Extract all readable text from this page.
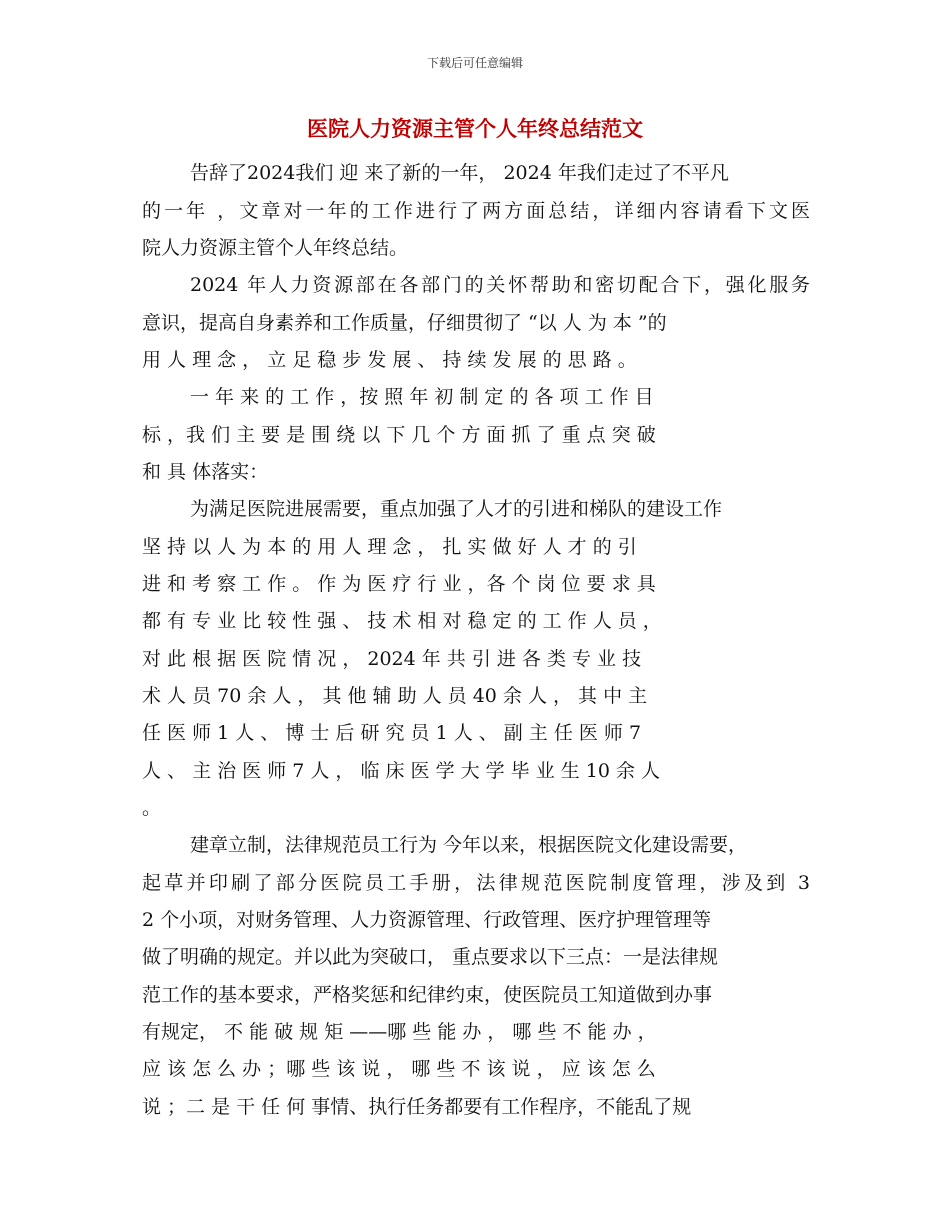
下载后可任意编辑
医院人力资源主管个人年终总结范文
告辞了2024我们 迎 来了新的一年， 2024 年我们走过了不平凡
的一年 ，文章对一年的工作进行了两方面总结，详细内容请看下文医
院人力资源主管个人年终总结。
2024 年人力资源部在各部门的关怀帮助和密切配合下，强化服务
意识，提高自身素养和工作质量，仔细贯彻了 “以 人 为 本 ”的
用 人 理 念 ， 立 足 稳 步 发 展 、 持 续 发 展 的 思 路 。
一 年 来 的 工 作 ，按 照 年 初 制 定 的 各 项 工 作 目
标 ，我 们 主 要 是 围 绕 以 下 几 个 方 面 抓 了 重 点 突 破
和 具 体落实：
为满足医院进展需要，重点加强了人才的引进和梯队的建设工作
坚 持 以 人 为 本 的 用 人 理 念 ， 扎 实 做 好 人 才 的 引
进 和 考 察 工 作 。 作 为 医 疗 行 业 ，各 个 岗 位 要 求 具
都 有 专 业 比 较 性 强 、 技 术 相 对 稳 定 的 工 作 人 员 ，
对 此 根 据 医 院 情 况 ， 2024 年 共 引 进 各 类 专 业 技
术 人 员 70 余 人 ， 其 他 辅 助 人 员 40 余 人 ， 其 中 主
任 医 师 1 人 、 博 士 后 研 究 员 1 人 、 副 主 任 医 师 7
人 、 主 治 医 师 7 人 ， 临 床 医 学 大 学 毕 业 生 10 余 人
。
建章立制，法律规范员工行为 今年以来，根据医院文化建设需要，
起草并印刷了部分医院员工手册，法律规范医院制度管理，涉及到 3
2 个小项，对财务管理、人力资源管理、行政管理、医疗护理管理等
做了明确的规定。并以此为突破口， 重点要求以下三点：一是法律规
范工作的基本要求，严格奖惩和纪律约束，使医院员工知道做到办事
有规定， 不 能 破 规 矩 ——哪 些 能 办 ， 哪 些 不 能 办 ，
应 该 怎 么 办 ；哪 些 该 说 ， 哪 些 不 该 说 ， 应 该 怎 么
说 ；二 是 干 任 何 事情、执行任务都要有工作程序，不能乱了规
